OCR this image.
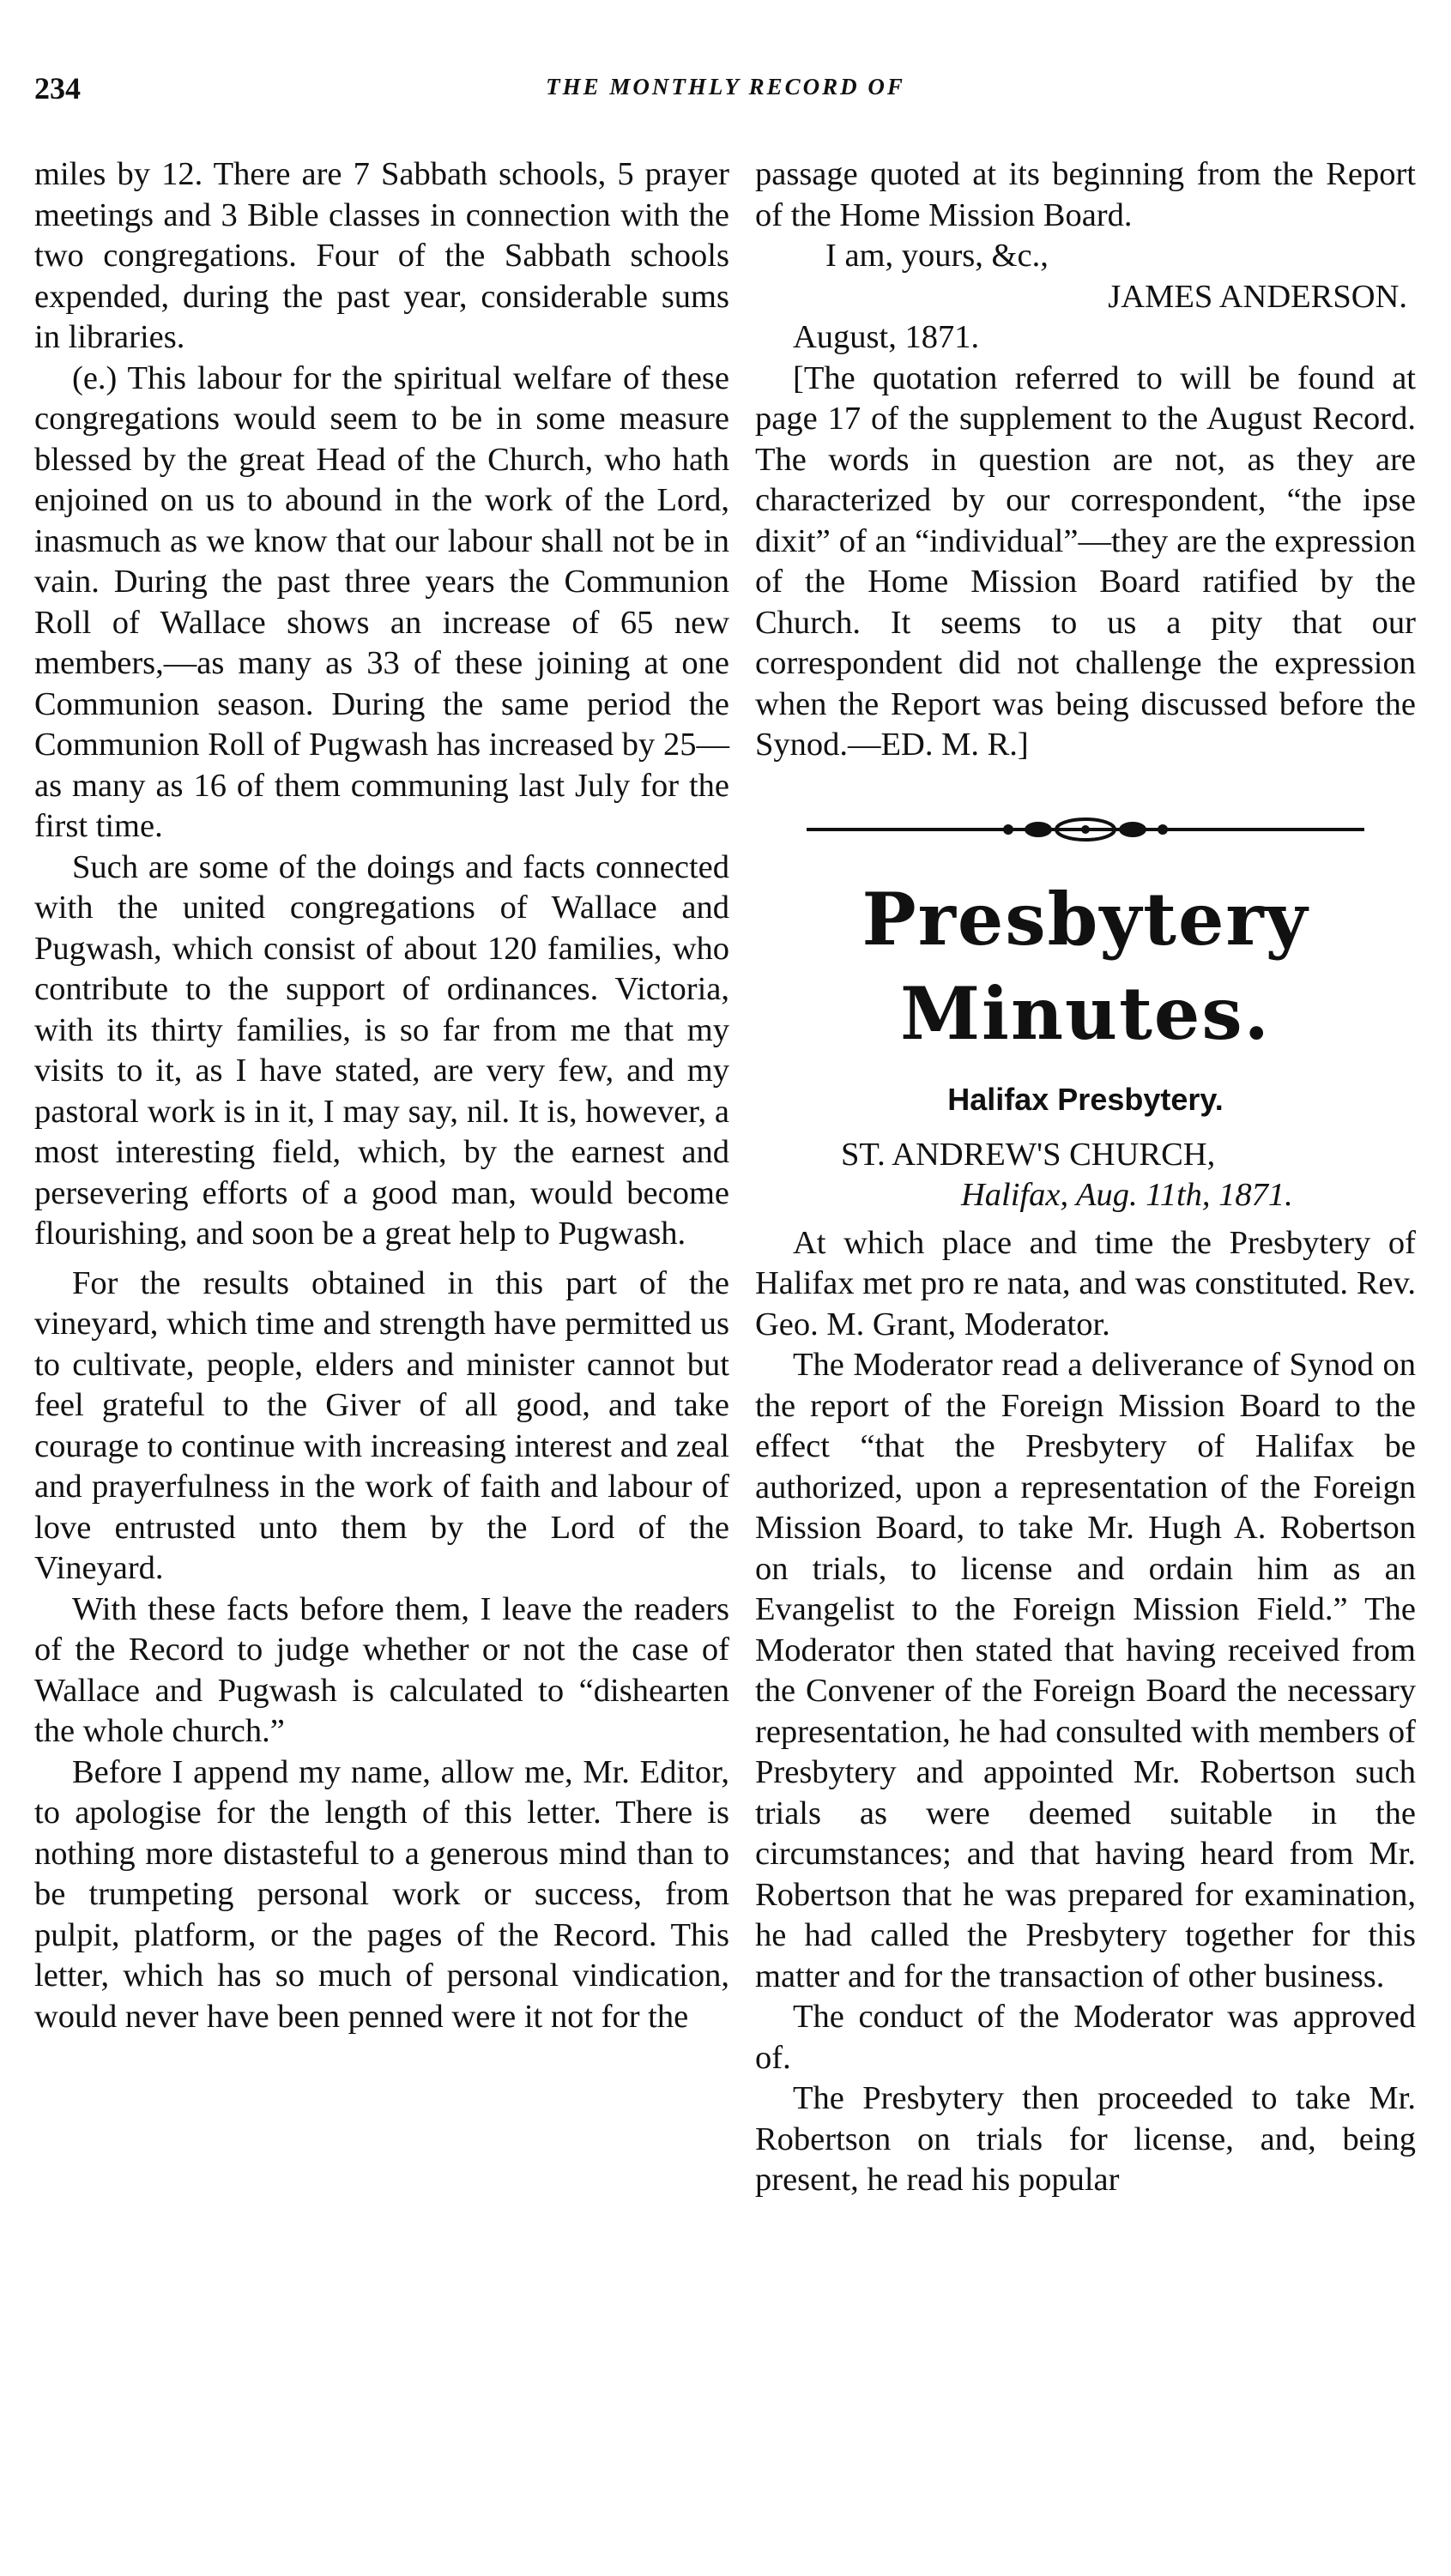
234	THE MONTHLY RECORD OF

miles by 12. There are 7 Sabbath schools, 5 prayer meetings and 3 Bible classes in connection with the two congregations. Four of the Sabbath schools expended, during the past year, considerable sums in libraries.

(e.) This labour for the spiritual welfare of these congregations would seem to be in some measure blessed by the great Head of the Church, who hath enjoined on us to abound in the work of the Lord, inasmuch as we know that our labour shall not be in vain. During the past three years the Communion Roll of Wallace shows an increase of 65 new members,—as many as 33 of these joining at one Communion season. During the same period the Communion Roll of Pugwash has increased by 25—as many as 16 of them communing last July for the first time.

Such are some of the doings and facts connected with the united congregations of Wallace and Pugwash, which consist of about 120 families, who contribute to the support of ordinances. Victoria, with its thirty families, is so far from me that my visits to it, as I have stated, are very few, and my pastoral work is in it, I may say, nil. It is, however, a most interesting field, which, by the earnest and persevering efforts of a good man, would become flourishing, and soon be a great help to Pugwash.

For the results obtained in this part of the vineyard, which time and strength have permitted us to cultivate, people, elders and minister cannot but feel grateful to the Giver of all good, and take courage to continue with increasing interest and zeal and prayerfulness in the work of faith and labour of love entrusted unto them by the Lord of the Vineyard.

With these facts before them, I leave the readers of the Record to judge whether or not the case of Wallace and Pugwash is calculated to “dishearten the whole church.”

Before I append my name, allow me, Mr. Editor, to apologise for the length of this letter. There is nothing more distasteful to a generous mind than to be trumpeting personal work or success, from pulpit, platform, or the pages of the Record. This letter, which has so much of personal vindication, would never have been penned were it not for the

passage quoted at its beginning from the Report of the Home Mission Board.

I am, yours, &c.,
JAMES ANDERSON.
August, 1871.

[The quotation referred to will be found at page 17 of the supplement to the August Record. The words in question are not, as they are characterized by our correspondent, “the ipse dixit” of an “individual”—they are the expression of the Home Mission Board ratified by the Church. It seems to us a pity that our correspondent did not challenge the expression when the Report was being discussed before the Synod.—ED. M. R.]

Presbytery Minutes.
Halifax Presbytery.
ST. ANDREW'S CHURCH,
Halifax, Aug. 11th, 1871.

At which place and time the Presbytery of Halifax met pro re nata, and was constituted. Rev. Geo. M. Grant, Moderator.

The Moderator read a deliverance of Synod on the report of the Foreign Mission Board to the effect “that the Presbytery of Halifax be authorized, upon a representation of the Foreign Mission Board, to take Mr. Hugh A. Robertson on trials, to license and ordain him as an Evangelist to the Foreign Mission Field.” The Moderator then stated that having received from the Convener of the Foreign Board the necessary representation, he had consulted with members of Presbytery and appointed Mr. Robertson such trials as were deemed suitable in the circumstances; and that having heard from Mr. Robertson that he was prepared for examination, he had called the Presbytery together for this matter and for the transaction of other business.

The conduct of the Moderator was approved of.

The Presbytery then proceeded to take Mr. Robertson on trials for license, and, being present, he read his popular
